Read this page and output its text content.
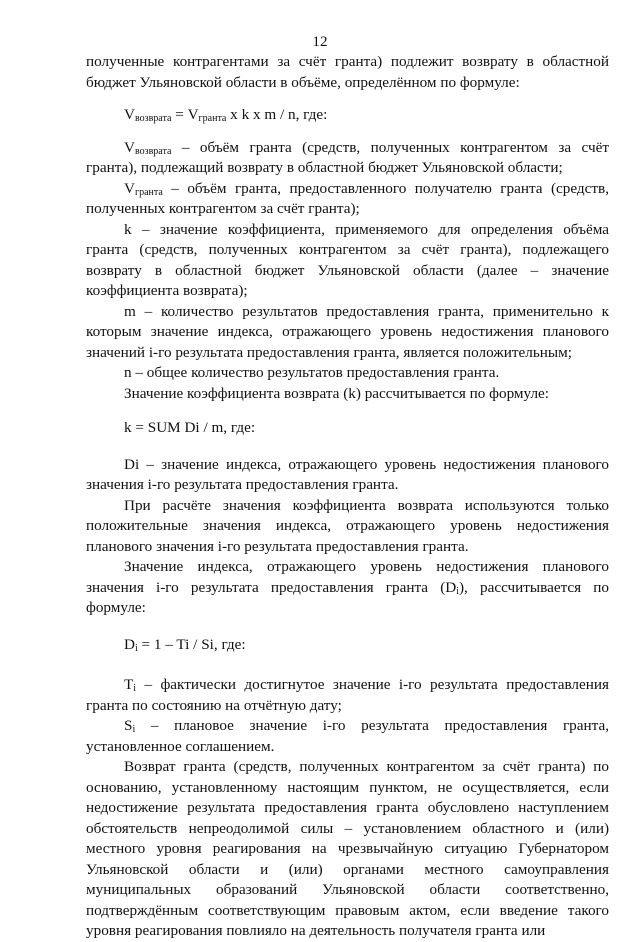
12

полученные контрагентами за счёт гранта) подлежит возврату в областной бюджет Ульяновской области в объёме, определённом по формуле:

$V_{возврата} = V_{гранта}$ x k x m / n, где:

$V_{возврата}$ – объём гранта (средств, полученных контрагентом за счёт гранта), подлежащий возврату в областной бюджет Ульяновской области;

$V_{гранта}$ – объём гранта, предоставленного получателю гранта (средств, полученных контрагентом за счёт гранта);

k – значение коэффициента, применяемого для определения объёма гранта (средств, полученных контрагентом за счёт гранта), подлежащего возврату в областной бюджет Ульяновской области (далее – значение коэффициента возврата);

m – количество результатов предоставления гранта, применительно к которым значение индекса, отражающего уровень недостижения планового значений i-го результата предоставления гранта, является положительным;

n – общее количество результатов предоставления гранта.

Значение коэффициента возврата (k) рассчитывается по формуле:

k = SUM Di / m, где:

Di – значение индекса, отражающего уровень недостижения планового значения i-го результата предоставления гранта.

При расчёте значения коэффициента возврата используются только положительные значения индекса, отражающего уровень недостижения планового значения i-го результата предоставления гранта.

Значение индекса, отражающего уровень недостижения планового значения i-го результата предоставления гранта $(D_i)$, рассчитывается по формуле:

$D_i = 1 - Ti / Si$, где:

$T_i$ – фактически достигнутое значение i-го результата предоставления гранта по состоянию на отчётную дату;

$S_i$ – плановое значение i-го результата предоставления гранта, установленное соглашением.

Возврат гранта (средств, полученных контрагентом за счёт гранта) по основанию, установленному настоящим пунктом, не осуществляется, если недостижение результата предоставления гранта обусловлено наступлением обстоятельств непреодолимой силы – установлением областного и (или) местного уровня реагирования на чрезвычайную ситуацию Губернатором Ульяновской области и (или) органами местного самоуправления муниципальных образований Ульяновской области соответственно, подтверждённым соответствующим правовым актом, если введение такого уровня реагирования повлияло на деятельность получателя гранта или
